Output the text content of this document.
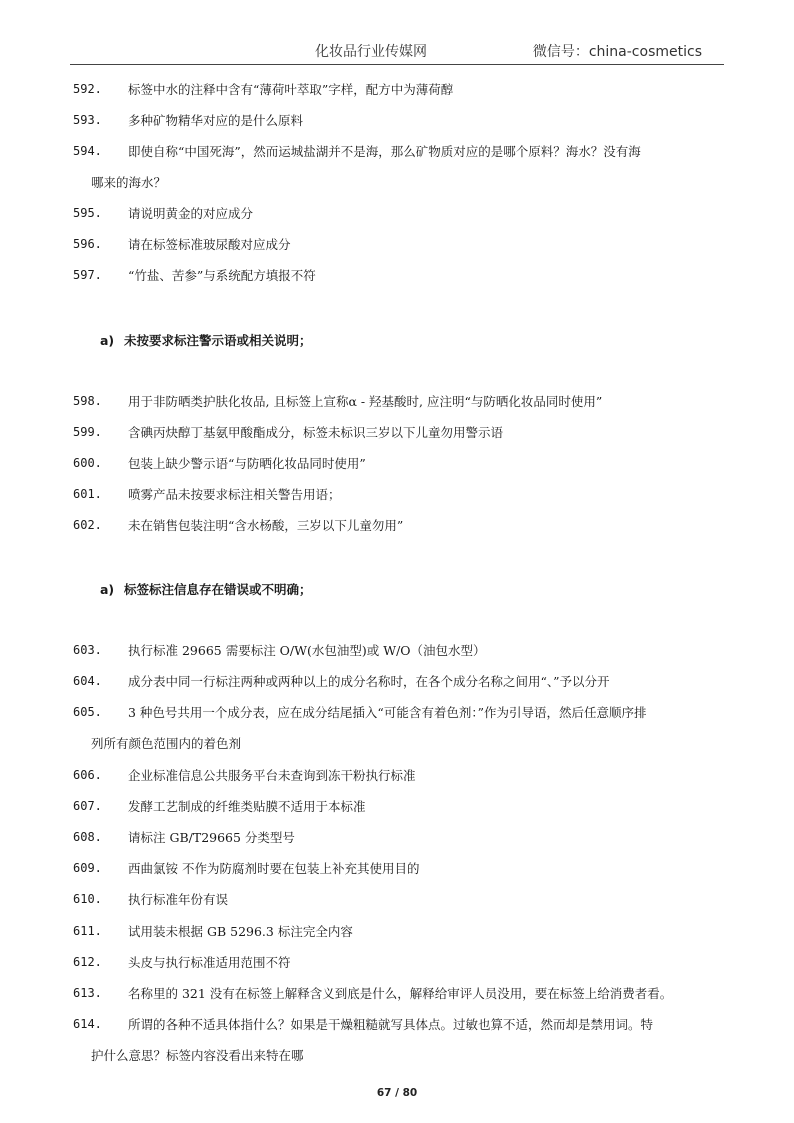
化妆品行业传媒网	微信号：china-cosmetics
592.	标签中水的注释中含有“薄荷叶萃取”字样，配方中为薄荷醇
593.	多种矿物精华对应的是什么原料
594.	即使自称“中国死海”，然而运城盐湖并不是海，那么矿物质对应的是哪个原料？海水？没有海
哪来的海水？
595.	请说明黄金的对应成分
596.	请在标签标准玻尿酸对应成分
597.	“竹盐、苦参”与系统配方填报不符
a) 未按要求标注警示语或相关说明；
598.	用于非防晒类护肤化妆品, 且标签上宣称α - 羟基酸时, 应注明“与防晒化妆品同时使用”
599.	含碘丙炔醇丁基氨甲酸酯成分，标签未标识三岁以下儿童勿用警示语
600.	包装上缺少警示语“与防晒化妆品同时使用”
601.	喷雾产品未按要求标注相关警告用语；
602.	未在销售包装注明“含水杨酸，三岁以下儿童勿用”
a) 标签标注信息存在错误或不明确；
603.	执行标准 29665 需要标注 O/W(水包油型)或 W/O（油包水型）
604.	成分表中同一行标注两种或两种以上的成分名称时，在各个成分名称之间用“、”予以分开
605.	3 种色号共用一个成分表，应在成分结尾插入“可能含有着色剂：”作为引导语，然后任意顺序排
列所有颜色范围内的着色剂
606.	企业标准信息公共服务平台未查询到冻干粉执行标准
607.	发酵工艺制成的纤维类贴膜不适用于本标准
608.	请标注 GB/T29665 分类型号
609.	西曲氯铵 不作为防腐剂时要在包装上补充其使用目的
610.	执行标准年份有误
611.	试用装未根据 GB 5296.3 标注完全内容
612.	头皮与执行标准适用范围不符
613.	名称里的 321 没有在标签上解释含义到底是什么，解释给审评人员没用，要在标签上给消费者看。
614.	所谓的各种不适具体指什么？如果是干燥粗糙就写具体点。过敏也算不适，然而却是禁用词。特
护什么意思？标签内容没看出来特在哪
67 / 80
